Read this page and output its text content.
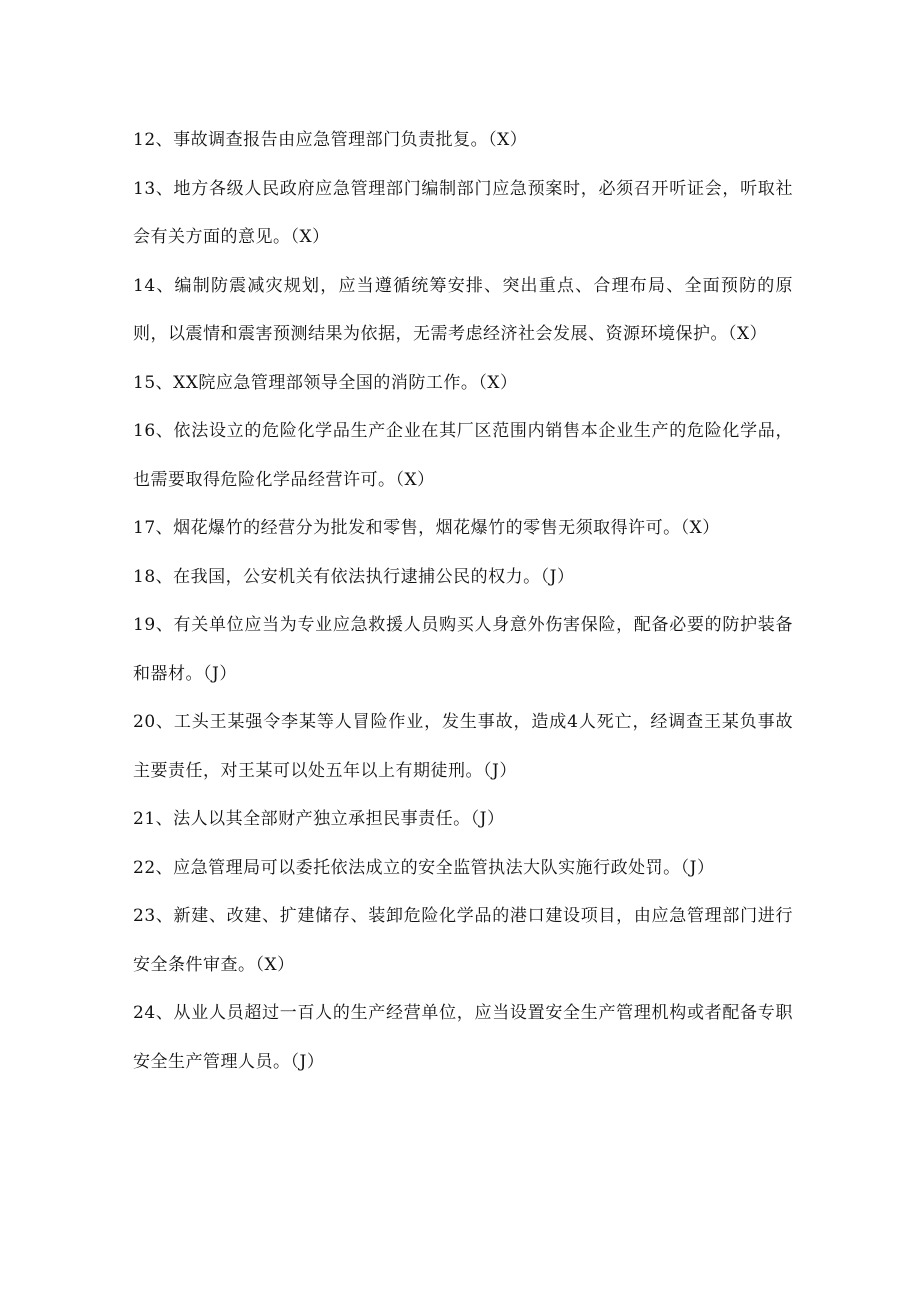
12、事故调查报告由应急管理部门负责批复。（X）

13、地方各级人民政府应急管理部门编制部门应急预案时，必须召开听证会，听取社会有关方面的意见。（X）

14、编制防震减灾规划，应当遵循统筹安排、突出重点、合理布局、全面预防的原则，以震情和震害预测结果为依据，无需考虑经济社会发展、资源环境保护。（X）

15、XX院应急管理部领导全国的消防工作。（X）

16、依法设立的危险化学品生产企业在其厂区范围内销售本企业生产的危险化学品，也需要取得危险化学品经营许可。（X）

17、烟花爆竹的经营分为批发和零售，烟花爆竹的零售无须取得许可。（X）

18、在我国，公安机关有依法执行逮捕公民的权力。（J）

19、有关单位应当为专业应急救援人员购买人身意外伤害保险，配备必要的防护装备和器材。（J）

20、工头王某强令李某等人冒险作业，发生事故，造成4人死亡，经调查王某负事故主要责任，对王某可以处五年以上有期徒刑。（J）

21、法人以其全部财产独立承担民事责任。（J）

22、应急管理局可以委托依法成立的安全监管执法大队实施行政处罚。（J）

23、新建、改建、扩建储存、装卸危险化学品的港口建设项目，由应急管理部门进行安全条件审查。（X）

24、从业人员超过一百人的生产经营单位，应当设置安全生产管理机构或者配备专职安全生产管理人员。（J）
